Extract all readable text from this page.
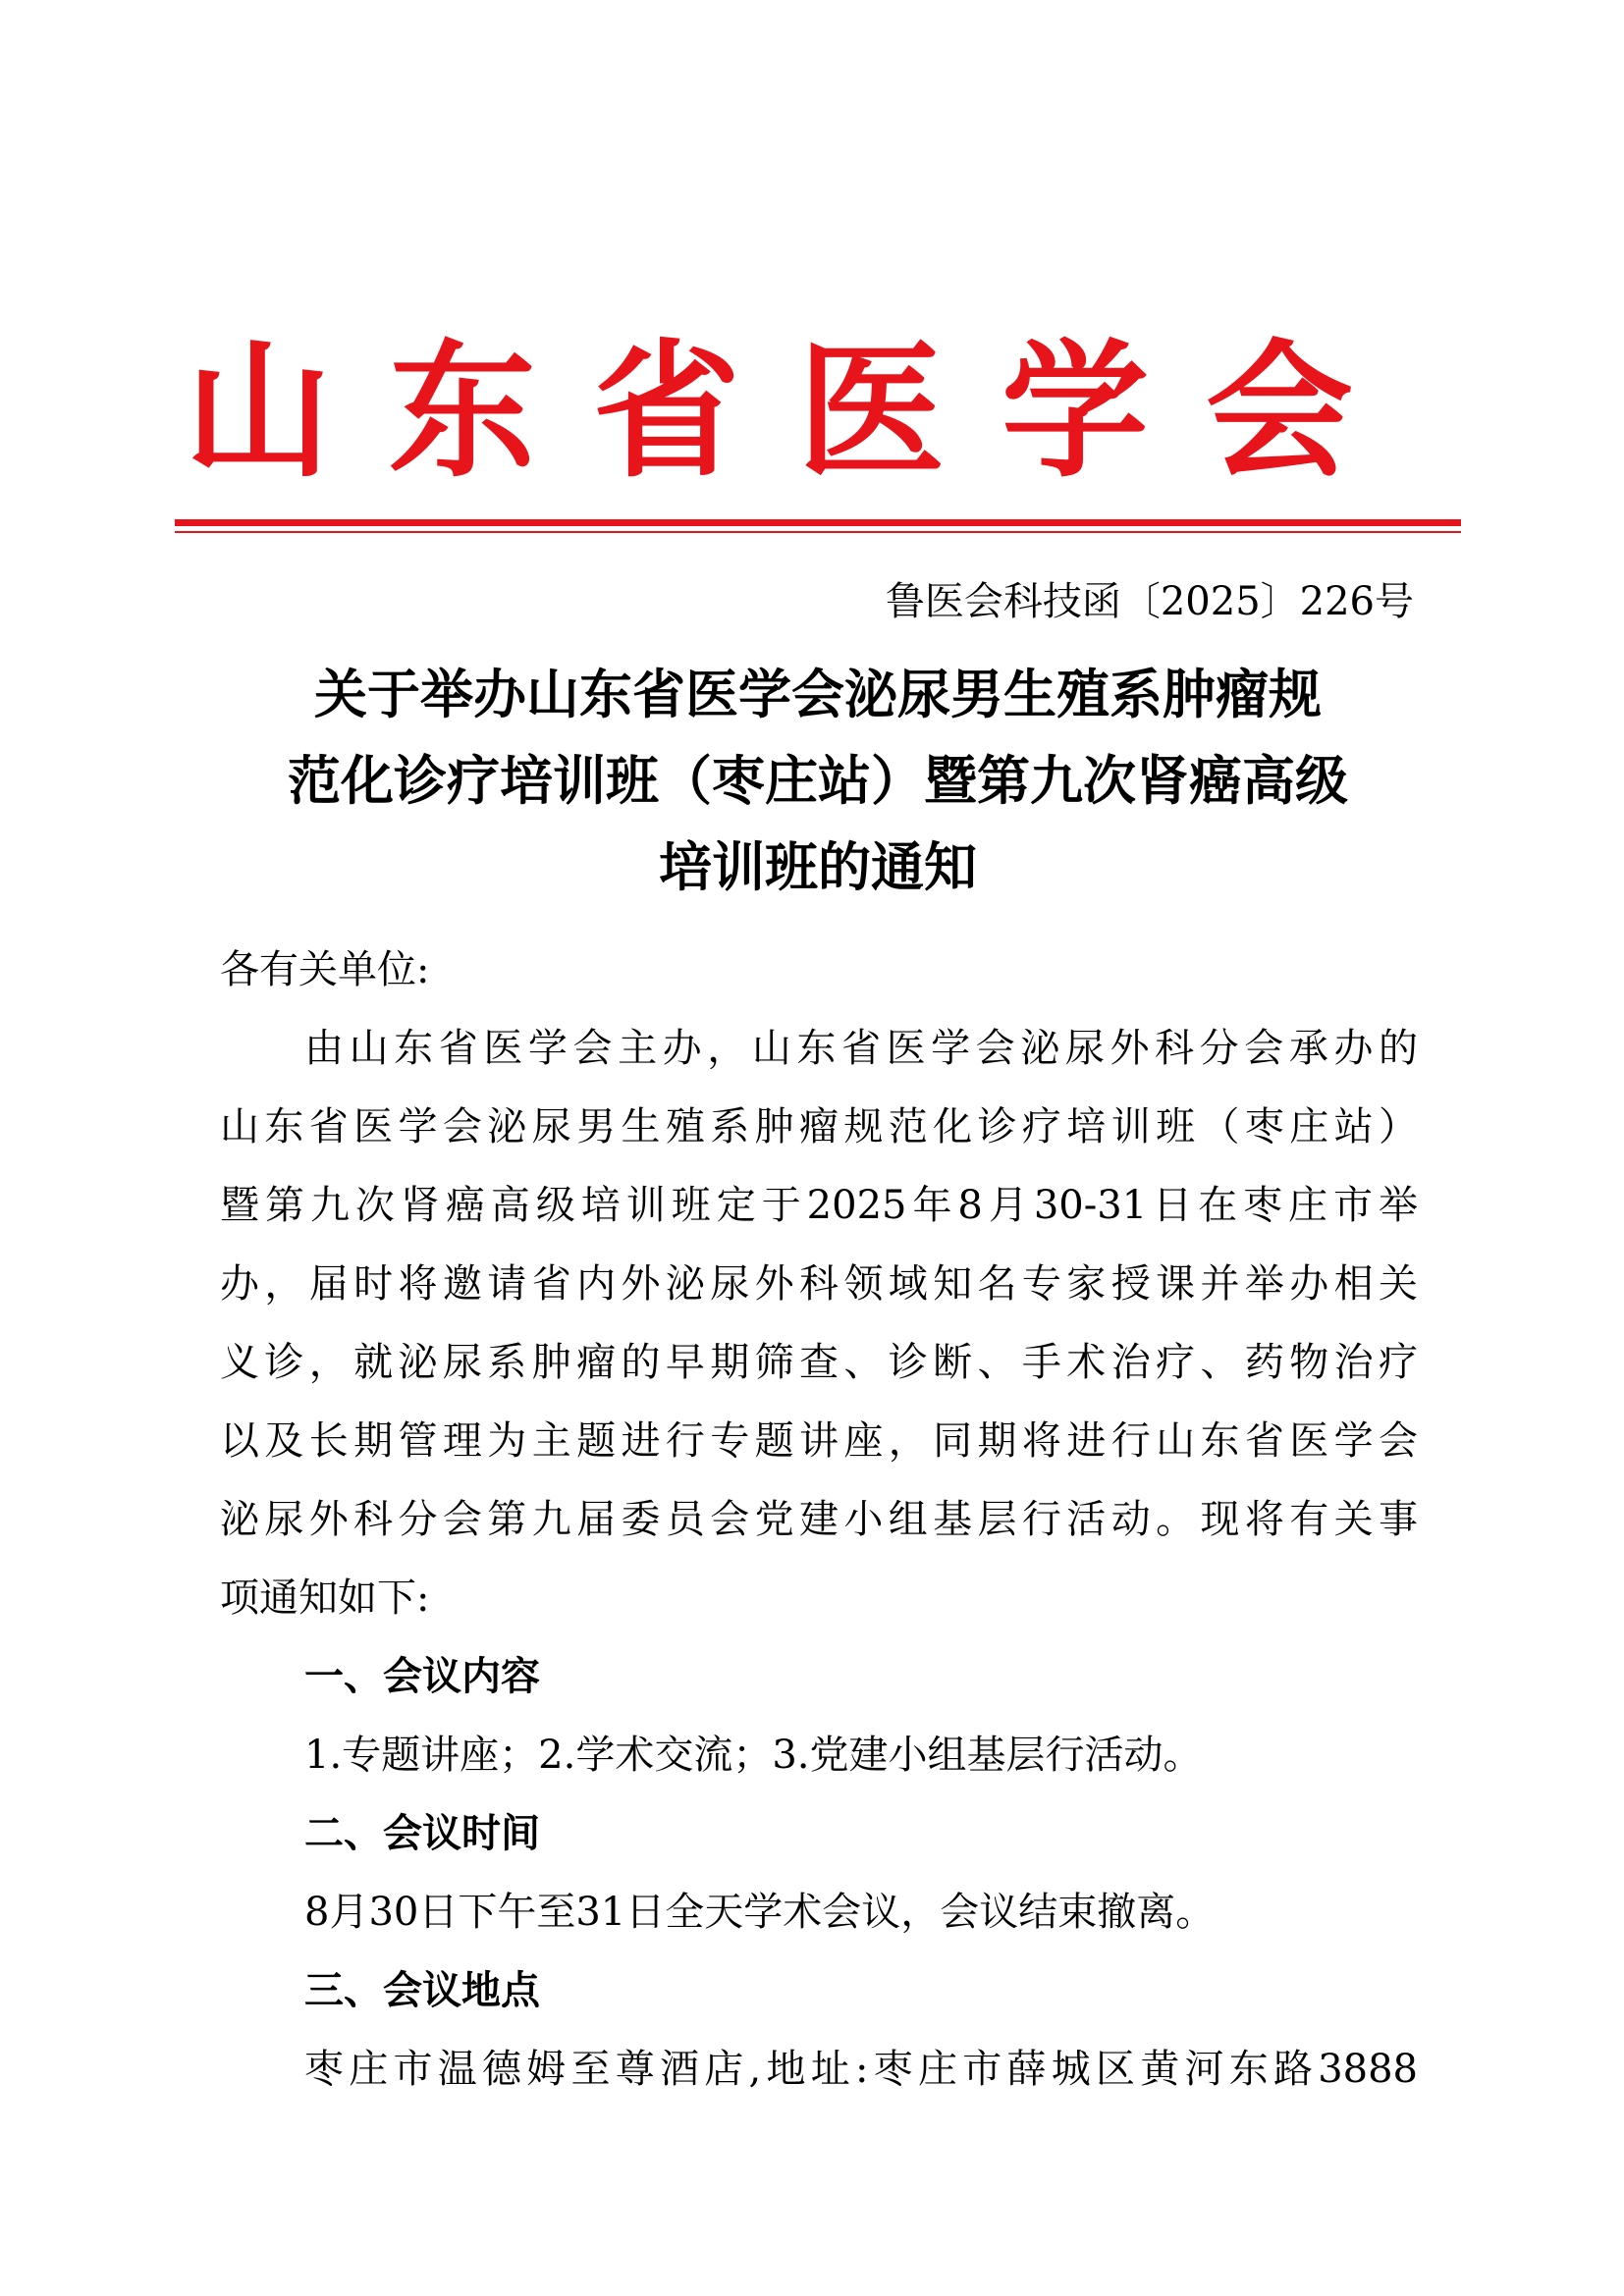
山 东 省 医 学 会
鲁医会科技函〔2025〕226号
关于举办山东省医学会泌尿男生殖系肿瘤规
范化诊疗培训班（枣庄站）暨第九次肾癌高级
培训班的通知
各有关单位:
由山东省医学会主办，山东省医学会泌尿外科分会承办的
山东省医学会泌尿男生殖系肿瘤规范化诊疗培训班（枣庄站）
暨第九次肾癌高级培训班定于2025年8月30-31日在枣庄市举
办，届时将邀请省内外泌尿外科领域知名专家授课并举办相关
义诊，就泌尿系肿瘤的早期筛查、诊断、手术治疗、药物治疗
以及长期管理为主题进行专题讲座，同期将进行山东省医学会
泌尿外科分会第九届委员会党建小组基层行活动。现将有关事
项通知如下:
一、会议内容
1.专题讲座；2.学术交流；3.党建小组基层行活动。
二、会议时间
8月30日下午至31日全天学术会议，会议结束撤离。
三、会议地点
枣庄市温德姆至尊酒店,地址:枣庄市薛城区黄河东路3888
